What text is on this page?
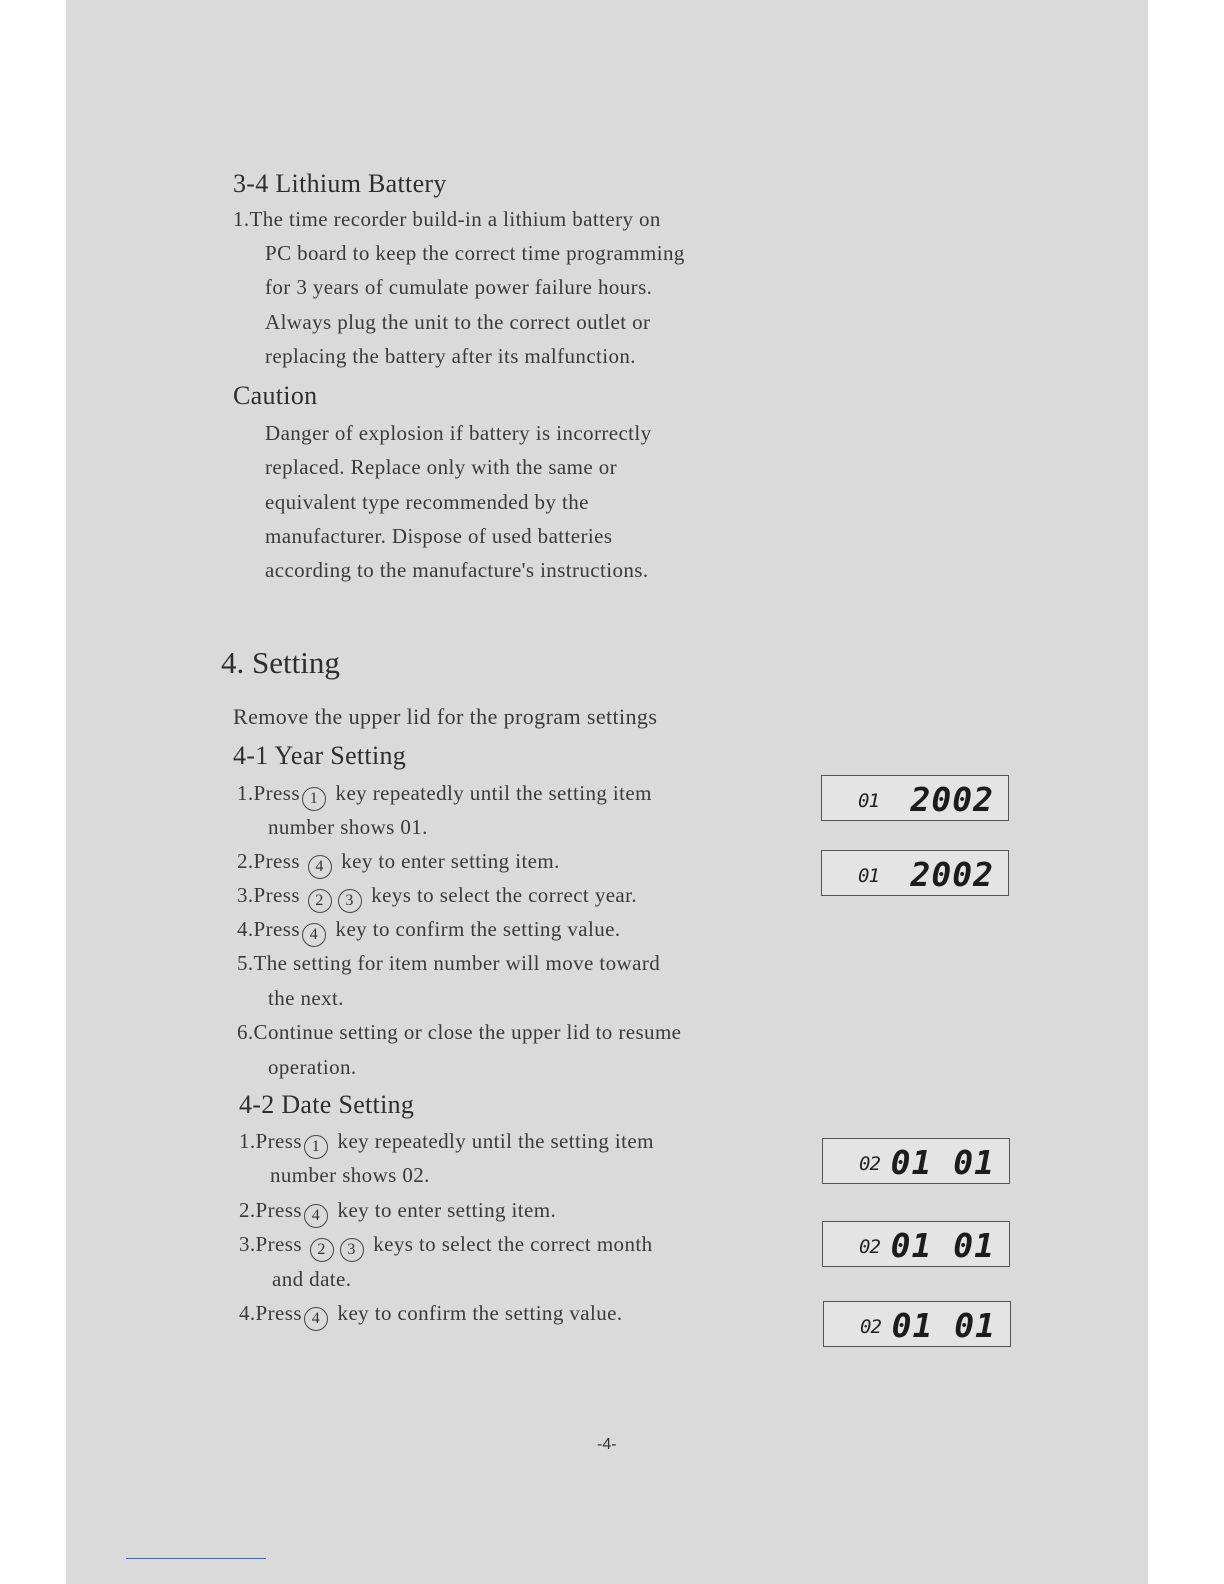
3-4 Lithium Battery
1.The time recorder build-in a lithium battery on
PC board to keep the correct time programming
for 3 years of cumulate power failure hours.
Always plug the unit to the correct outlet or
replacing the battery after its malfunction.
Caution
Danger of explosion if battery is incorrectly
replaced. Replace only with the same or
equivalent type recommended by the
manufacturer. Dispose of used batteries
according to the manufacture's instructions.
4. Setting
Remove the upper lid for the program settings
4-1 Year Setting
1.Press 1 key repeatedly until the setting item
number shows 01.
2.Press 4 key to enter setting item.
3.Press 2 3 keys to select the correct year.
4.Press 4 key to confirm the setting value.
5.The setting for item number will move toward
the next.
6.Continue setting or close the upper lid to resume
operation.
01 2002
01 2002
4-2 Date Setting
1.Press 1 key repeatedly until the setting item
number shows 02.
2.Press 4 key to enter setting item.
3.Press 2 3 keys to select the correct month
and date.
4.Press 4 key to confirm the setting value.
02 01 01
02 01 01
02 01 01
-4-
